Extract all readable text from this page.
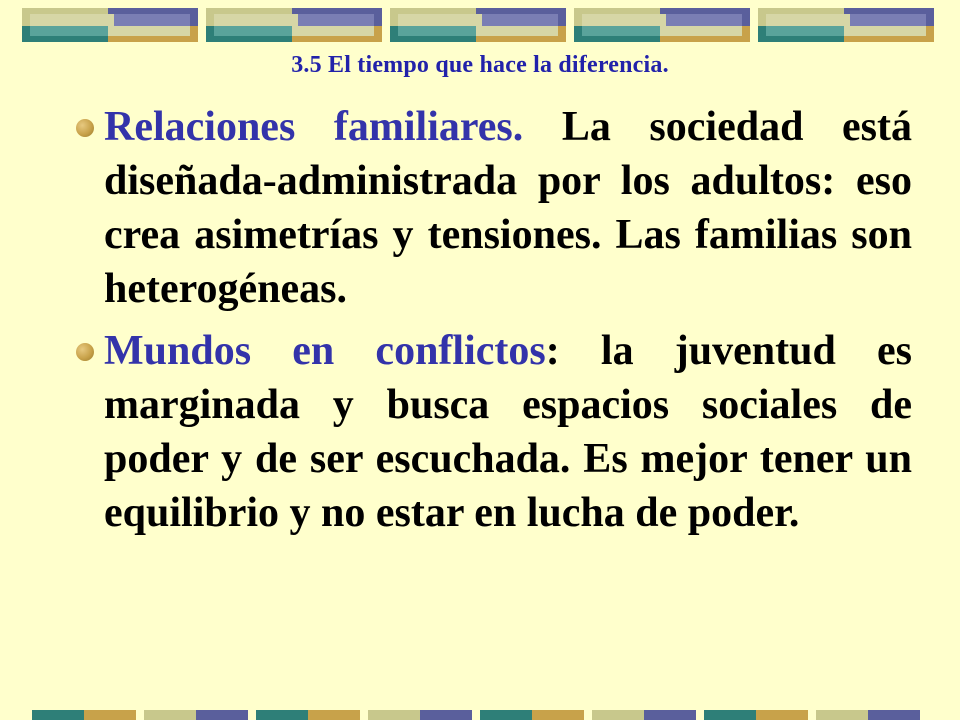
3.5 El tiempo que hace la diferencia.
Relaciones familiares. La sociedad está diseñada-administrada por los adultos: eso crea asimetrías y tensiones. Las familias son heterogéneas.
Mundos en conflictos: la juventud es marginada y busca espacios sociales de poder y de ser escuchada. Es mejor tener un equilibrio y no estar en lucha de poder.
